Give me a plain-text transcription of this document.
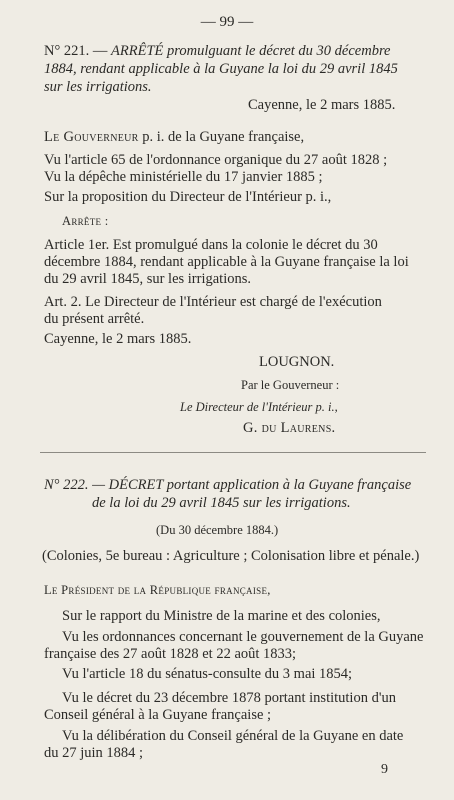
— 99 —
N° 221. — ARRÊTÉ promulguant le décret du 30 décembre
1884, rendant applicable à la Guyane la loi du 29 avril 1845
sur les irrigations.
Cayenne, le 2 mars 1885.
Le Gouverneur p. i. de la Guyane française,
Vu l'article 65 de l'ordonnance organique du 27 août 1828 ;
Vu la dépêche ministérielle du 17 janvier 1885 ;
Sur la proposition du Directeur de l'Intérieur p. i.,
Arrête :
Article 1er. Est promulgué dans la colonie le décret du 30
décembre 1884, rendant applicable à la Guyane française la loi
du 29 avril 1845, sur les irrigations.
Art. 2. Le Directeur de l'Intérieur est chargé de l'exécution
du présent arrêté.
Cayenne, le 2 mars 1885.
LOUGNON.
Par le Gouverneur :
Le Directeur de l'Intérieur p. i.,
G. du Laurens.
N° 222. — DÉCRET portant application à la Guyane française
de la loi du 29 avril 1845 sur les irrigations.
(Du 30 décembre 1884.)
(Colonies, 5e bureau : Agriculture ; Colonisation libre et pénale.)
Le Président de la République française,
Sur le rapport du Ministre de la marine et des colonies,
Vu les ordonnances concernant le gouvernement de la Guyane
française des 27 août 1828 et 22 août 1833;
Vu l'article 18 du sénatus-consulte du 3 mai 1854;
Vu le décret du 23 décembre 1878 portant institution d'un
Conseil général à la Guyane française ;
Vu la délibération du Conseil général de la Guyane en date
du 27 juin 1884 ;
9
